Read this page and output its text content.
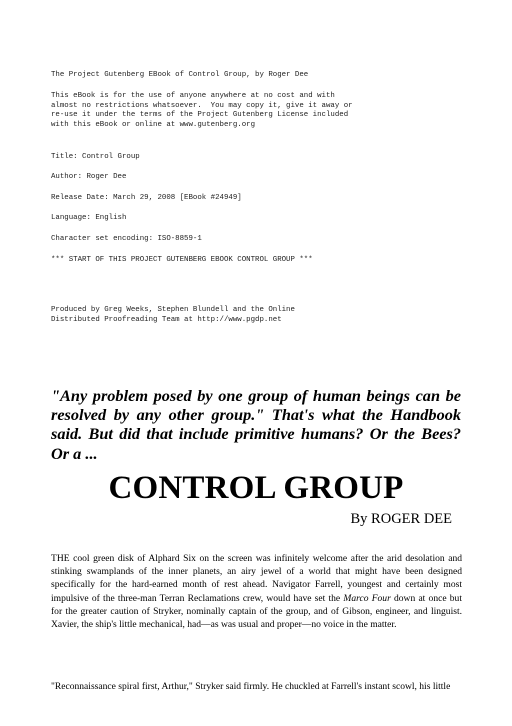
The Project Gutenberg EBook of Control Group, by Roger Dee
This eBook is for the use of anyone anywhere at no cost and with
almost no restrictions whatsoever.  You may copy it, give it away or
re-use it under the terms of the Project Gutenberg License included
with this eBook or online at www.gutenberg.org
Title: Control Group
Author: Roger Dee
Release Date: March 29, 2008 [EBook #24949]
Language: English
Character set encoding: ISO-8859-1
*** START OF THIS PROJECT GUTENBERG EBOOK CONTROL GROUP ***
Produced by Greg Weeks, Stephen Blundell and the Online
Distributed Proofreading Team at http://www.pgdp.net

"Any problem posed by one group of human beings can be resolved by any other group." That's what the Handbook said. But did that include primitive humans? Or the Bees? Or a ...

CONTROL GROUP

By ROGER DEE

THE cool green disk of Alphard Six on the screen was infinitely welcome after the arid desolation and stinking swamplands of the inner planets, an airy jewel of a world that might have been designed specifically for the hard-earned month of rest ahead. Navigator Farrell, youngest and certainly most impulsive of the three-man Terran Reclamations crew, would have set the Marco Four down at once but for the greater caution of Stryker, nominally captain of the group, and of Gibson, engineer, and linguist. Xavier, the ship's little mechanical, had—as was usual and proper—no voice in the matter.

"Reconnaissance spiral first, Arthur," Stryker said firmly. He chuckled at Farrell's instant scowl, his little
